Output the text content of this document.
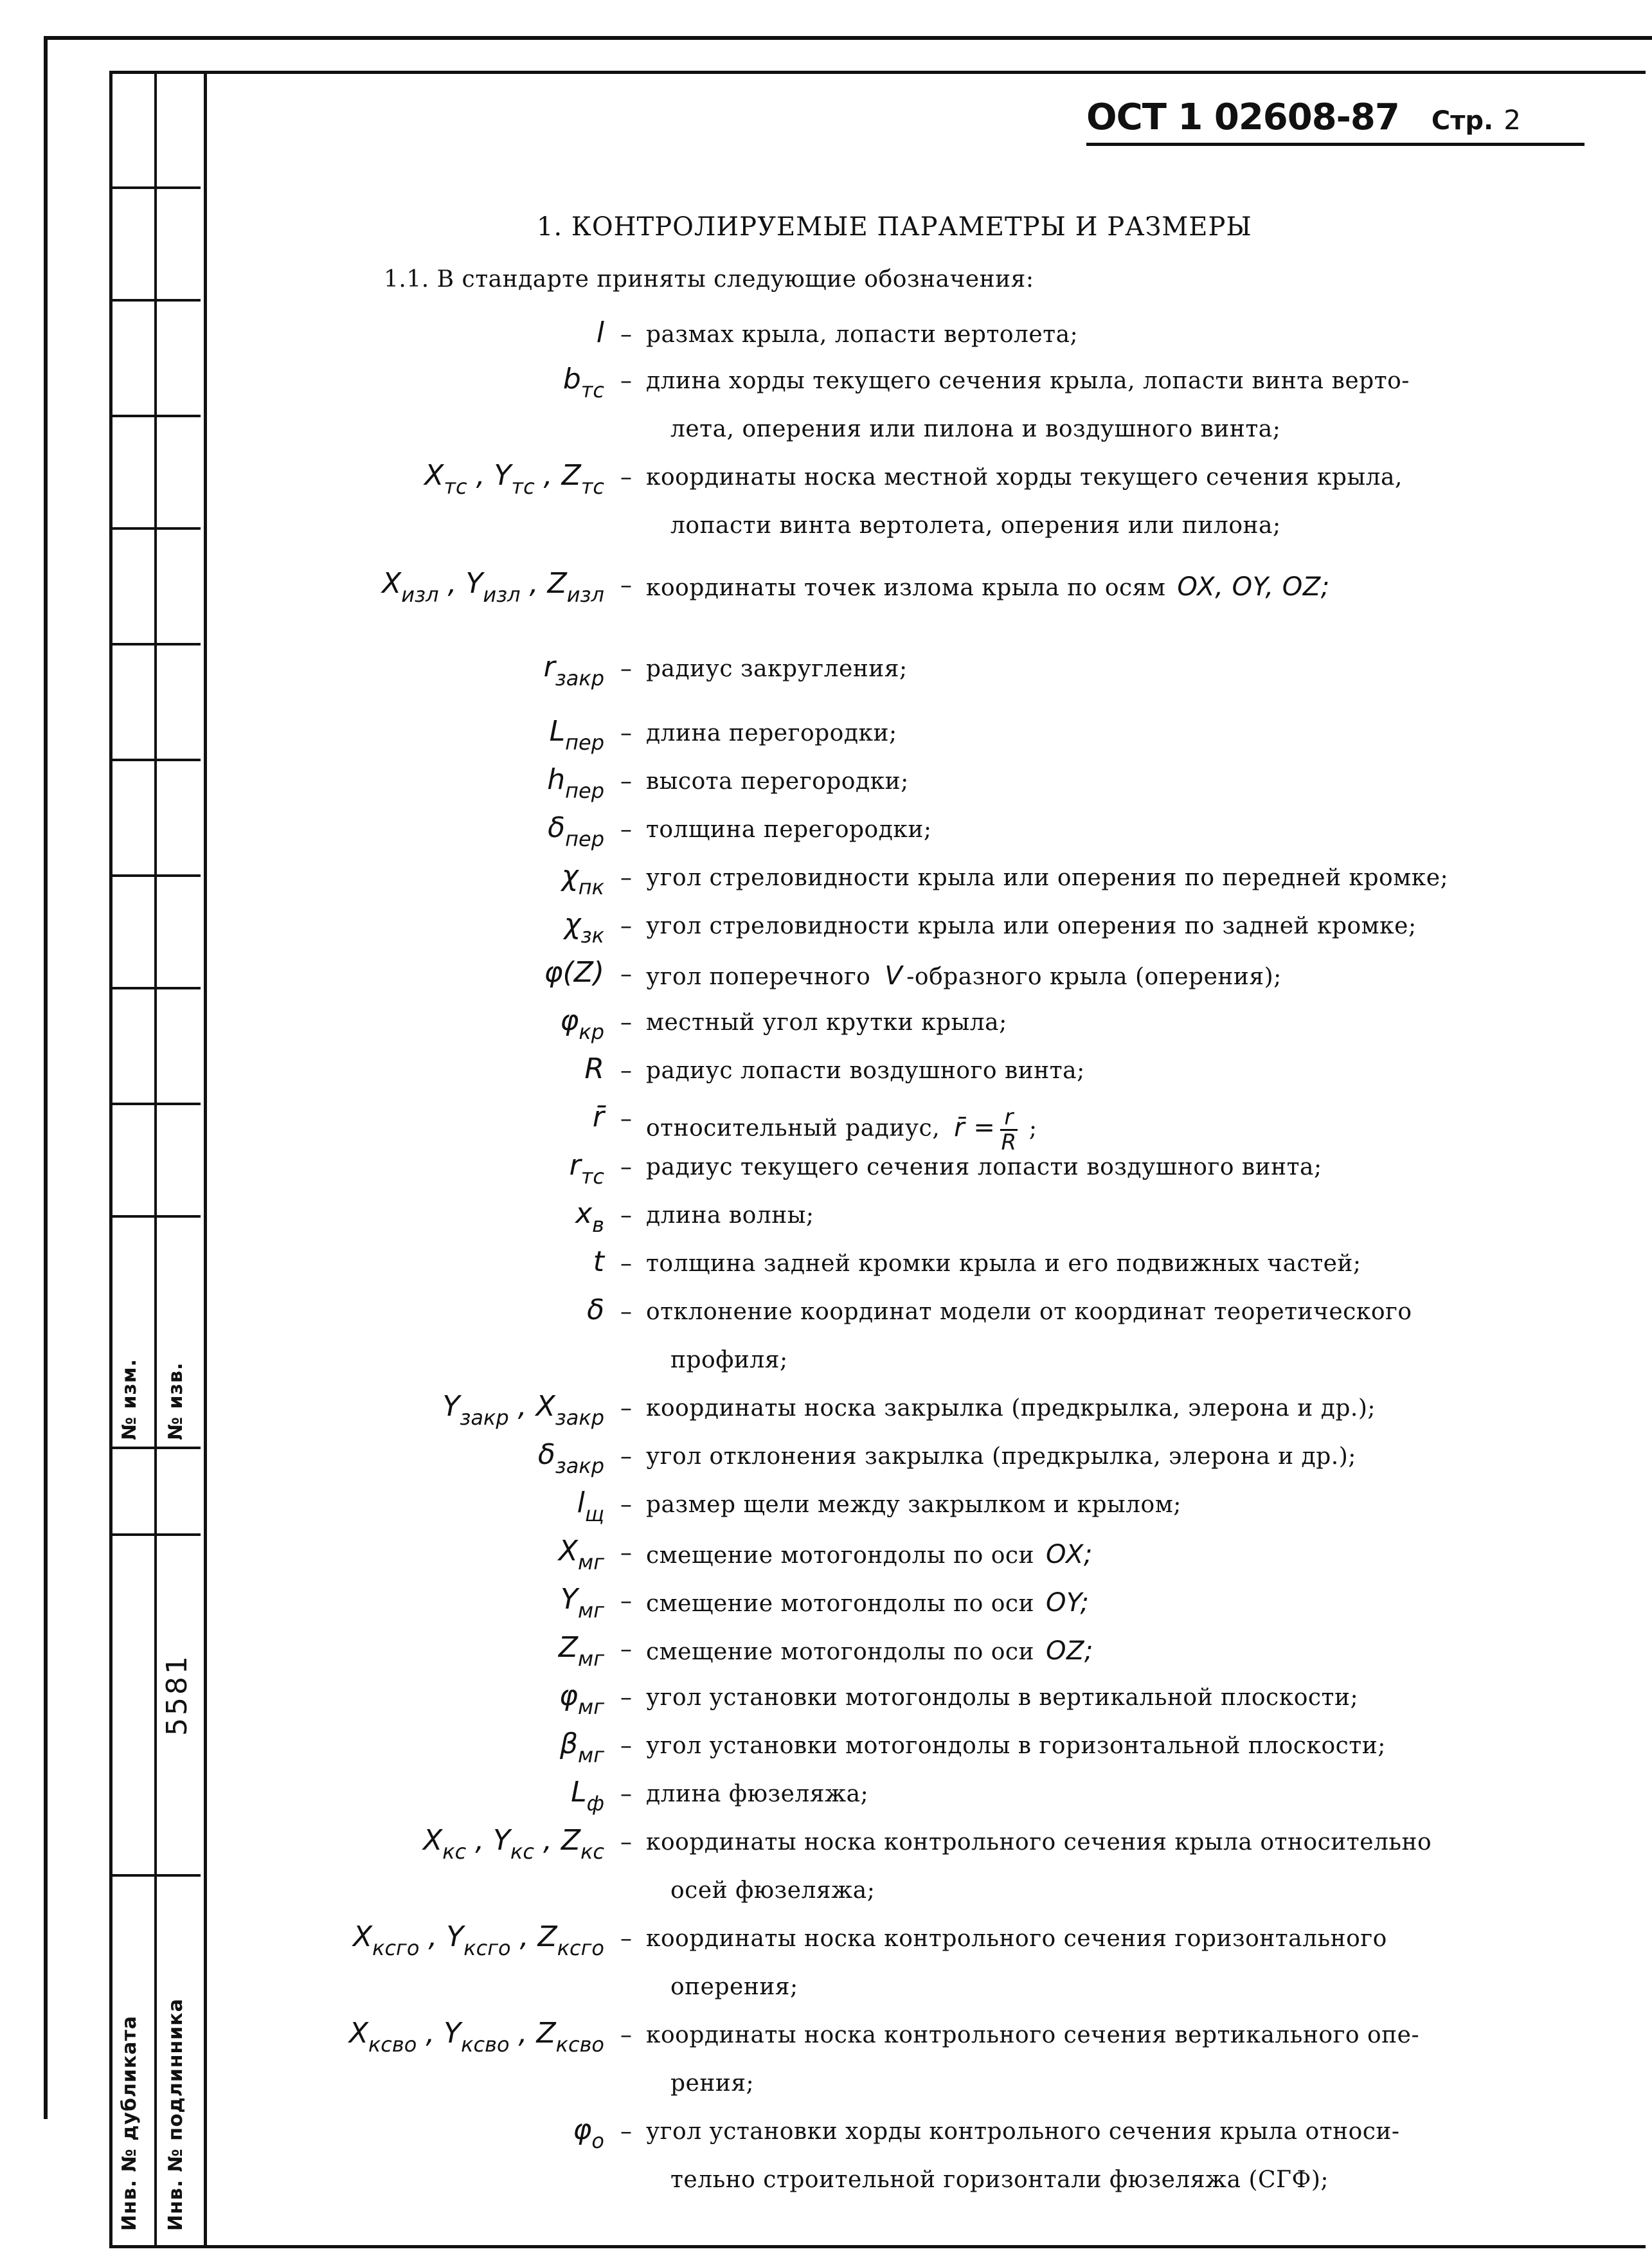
№ изм. № изв.
5581
Инв. № дубликата Инв. № подлинника
ОСТ 1 02608-87 Стр. 2
1. КОНТРОЛИРУЕМЫЕ ПАРАМЕТРЫ И РАЗМЕРЫ
1.1. В стандарте приняты следующие обозначения:
l – размах крыла, лопасти вертолета;
$b_{тс}$ – длина хорды текущего сечения крыла, лопасти винта верто-
лета, оперения или пилона и воздушного винта;
$X_{тс}$ , $Y_{тс}$ , $Z_{тс}$ – координаты носка местной хорды текущего сечения крыла,
лопасти винта вертолета, оперения или пилона;
$X_{изл}$ , $Y_{изл}$ , $Z_{изл}$ – координаты точек излома крыла по осям OX, OY, OZ;
$r_{закр}$ – радиус закругления;
$L_{пер}$ – длина перегородки;
$h_{пер}$ – высота перегородки;
$\delta_{пер}$ – толщина перегородки;
$\chi_{пк}$ – угол стреловидности крыла или оперения по передней кромке;
$\chi_{зк}$ – угол стреловидности крыла или оперения по задней кромке;
φ(Z) – угол поперечного V -образного крыла (оперения);
$\varphi_{кр}$ – местный угол крутки крыла;
R – радиус лопасти воздушного винта;
r̄ – относительный радиус, r̄ = $\frac{r}{R}$ ;
$r_{тс}$ – радиус текущего сечения лопасти воздушного винта;
$x_в$ – длина волны;
t – толщина задней кромки крыла и его подвижных частей;
δ – отклонение координат модели от координат теоретического
профиля;
$Y_{закр}$ , $X_{закр}$ – координаты носка закрылка (предкрылка, элерона и др.);
$\delta_{закр}$ – угол отклонения закрылка (предкрылка, элерона и др.);
$l_щ$ – размер щели между закрылком и крылом;
$X_{мг}$ – смещение мотогондолы по оси OX;
$Y_{мг}$ – смещение мотогондолы по оси OY;
$Z_{мг}$ – смещение мотогондолы по оси OZ;
$\varphi_{мг}$ – угол установки мотогондолы в вертикальной плоскости;
$\beta_{мг}$ – угол установки мотогондолы в горизонтальной плоскости;
$L_ф$ – длина фюзеляжа;
$X_{кс}$ , $Y_{кс}$ , $Z_{кс}$ – координаты носка контрольного сечения крыла относительно
осей фюзеляжа;
$X_{ксго}$ , $Y_{ксго}$ , $Z_{ксго}$ – координаты носка контрольного сечения горизонтального
оперения;
$X_{ксво}$ , $Y_{ксво}$ , $Z_{ксво}$ – координаты носка контрольного сечения вертикального опе-
рения;
$\varphi_о$ – угол установки хорды контрольного сечения крыла относи-
тельно строительной горизонтали фюзеляжа (СГФ);
